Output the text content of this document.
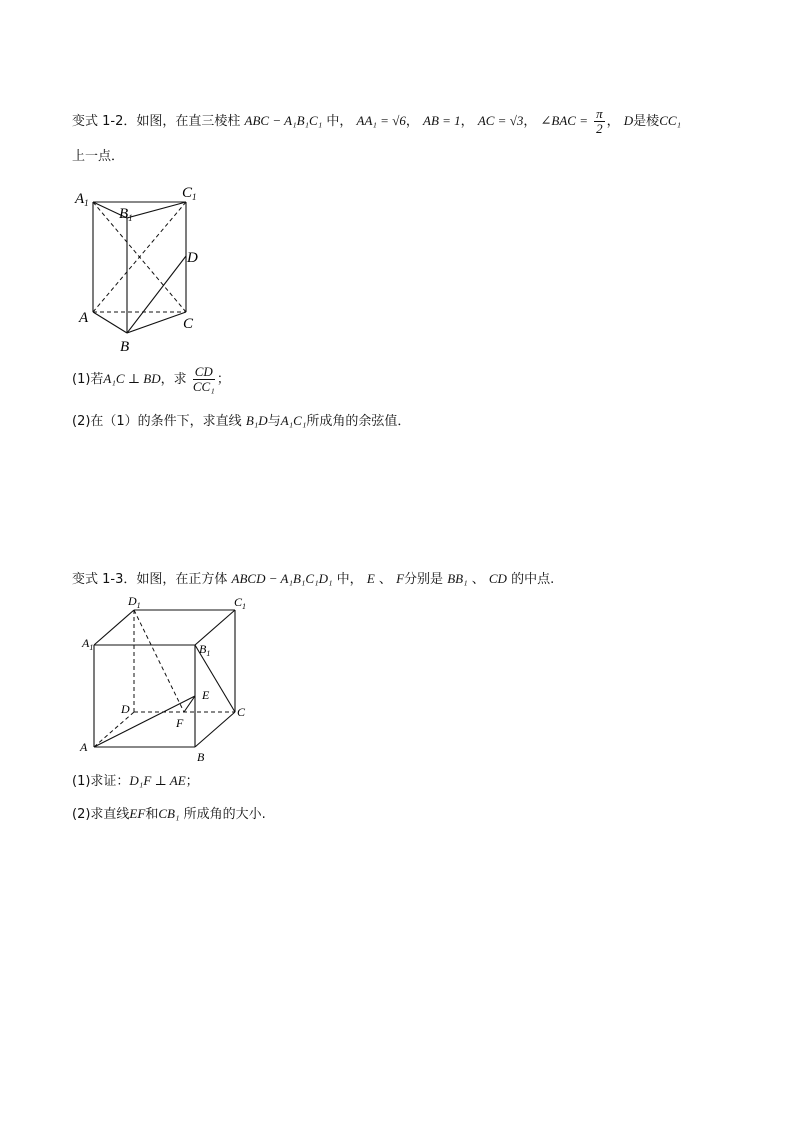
变式 1-2．如图，在直三棱柱 ABC − A₁B₁C₁ 中， AA₁ = √6， AB = 1， AC = √3， ∠BAC = $\frac{\pi}{2}$ ， D是棱CC₁
上一点．
$A_1$
$B_1$
$C_1$
D
A	C
B
(1)若A₁C ⊥ BD，求 $\frac{CD}{\text{CC₁}}$ ；
(2)在（1）的条件下，求直线 B₁D与A₁C₁所成角的余弦值．
变式 1-3．如图，在正方体 ABCD − A₁B₁C₁D₁ 中， E 、 F分别是 BB₁ 、 CD 的中点.
$D_1$	$C_1$
$A_1$	$B_1$
E
D	C
F
A
B
(1)求证：D₁F ⊥ AE；
(2)求直线EF和CB₁ 所成角的大小.
